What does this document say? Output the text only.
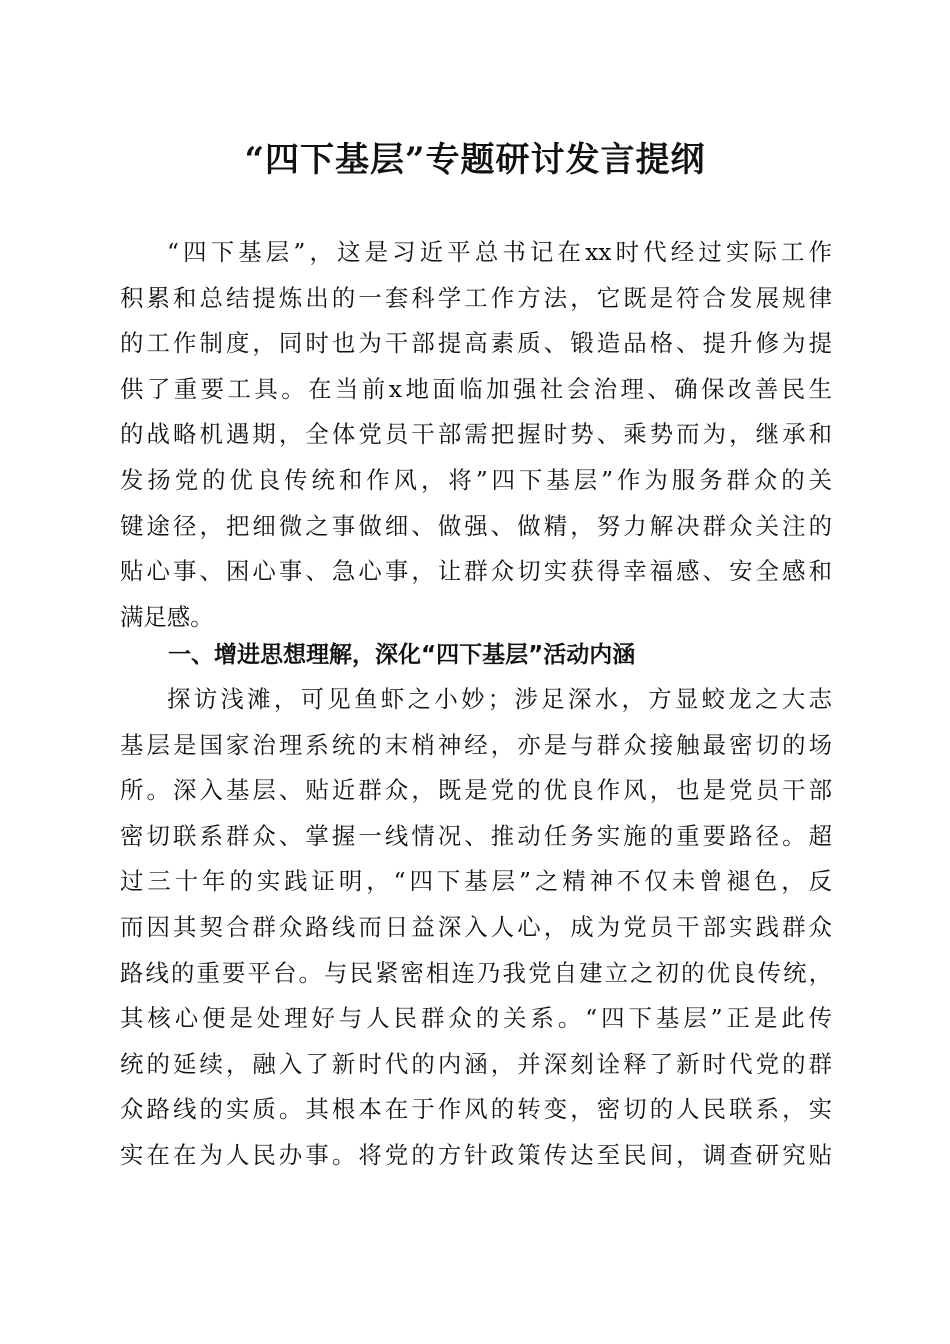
“四下基层”专题研讨发言提纲
“四下基层”，这是习近平总书记在xx时代经过实际工作
积累和总结提炼出的一套科学工作方法，它既是符合发展规律
的工作制度，同时也为干部提高素质、锻造品格、提升修为提
供了重要工具。在当前x地面临加强社会治理、确保改善民生
的战略机遇期，全体党员干部需把握时势、乘势而为，继承和
发扬党的优良传统和作风，将”四下基层”作为服务群众的关
键途径，把细微之事做细、做强、做精，努力解决群众关注的
贴心事、困心事、急心事，让群众切实获得幸福感、安全感和
满足感。
一、增进思想理解，深化“四下基层”活动内涵
探访浅滩，可见鱼虾之小妙；涉足深水，方显蛟龙之大志
基层是国家治理系统的末梢神经，亦是与群众接触最密切的场
所。深入基层、贴近群众，既是党的优良作风，也是党员干部
密切联系群众、掌握一线情况、推动任务实施的重要路径。超
过三十年的实践证明，“四下基层”之精神不仅未曾褪色，反
而因其契合群众路线而日益深入人心，成为党员干部实践群众
路线的重要平台。与民紧密相连乃我党自建立之初的优良传统，
其核心便是处理好与人民群众的关系。“四下基层”正是此传
统的延续，融入了新时代的内涵，并深刻诠释了新时代党的群
众路线的实质。其根本在于作风的转变，密切的人民联系，实
实在在为人民办事。将党的方针政策传达至民间，调查研究贴
